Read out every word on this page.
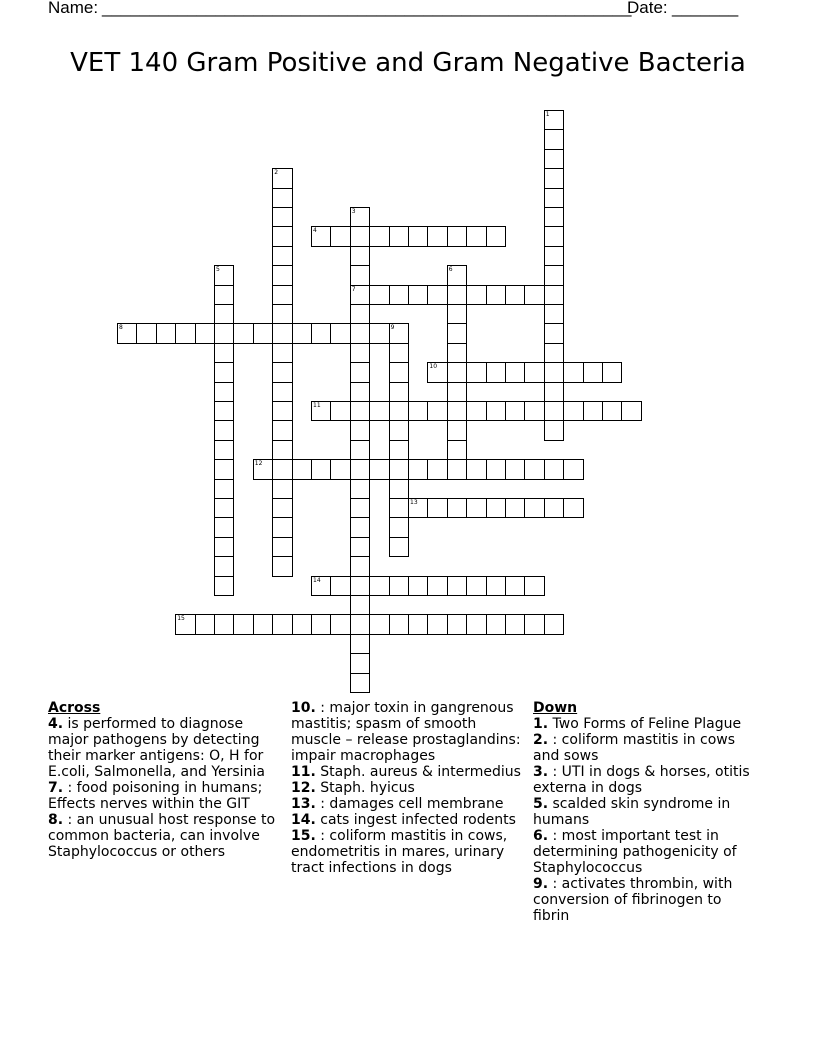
Name: ________________________________________________________
Date: _______
VET 140 Gram Positive and Gram Negative Bacteria
1
2
3
7
4
5	6
8	9
10
11
12
13
14
15
Across
4. is performed to diagnose major pathogens by detecting their marker antigens: O, H for E.coli, Salmonella, and Yersinia
7. : food poisoning in humans; Effects nerves within the GIT
8. : an unusual host response to common bacteria, can involve Staphylococcus or others
10. : major toxin in gangrenous mastitis; spasm of smooth muscle – release prostaglandins: impair macrophages
11. Staph. aureus & intermedius
12. Staph. hyicus
13. : damages cell membrane
14. cats ingest infected rodents
15. : coliform mastitis in cows, endometritis in mares, urinary tract infections in dogs
Down
1. Two Forms of Feline Plague
2. : coliform mastitis in cows and sows
3. : UTI in dogs & horses, otitis externa in dogs
5. scalded skin syndrome in humans
6. : most important test in determining pathogenicity of Staphylococcus
9. : activates thrombin, with conversion of fibrinogen to fibrin
